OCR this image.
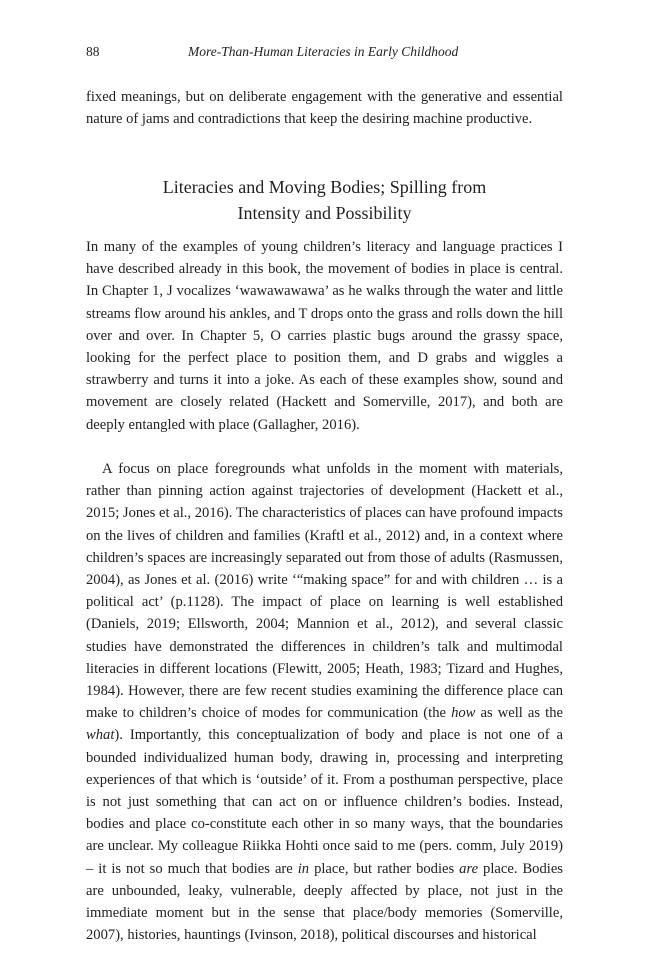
88	More-Than-Human Literacies in Early Childhood

fixed meanings, but on deliberate engagement with the generative and essential nature of jams and contradictions that keep the desiring machine productive.

Literacies and Moving Bodies; Spilling from
Intensity and Possibility

In many of the examples of young children’s literacy and language practices I have described already in this book, the movement of bodies in place is central. In Chapter 1, J vocalizes ‘wawawawawa’ as he walks through the water and little streams flow around his ankles, and T drops onto the grass and rolls down the hill over and over. In Chapter 5, O carries plastic bugs around the grassy space, looking for the perfect place to position them, and D grabs and wiggles a strawberry and turns it into a joke. As each of these examples show, sound and movement are closely related (Hackett and Somerville, 2017), and both are deeply entangled with place (Gallagher, 2016).

A focus on place foregrounds what unfolds in the moment with materials, rather than pinning action against trajectories of development (Hackett et al., 2015; Jones et al., 2016). The characteristics of places can have profound impacts on the lives of children and families (Kraftl et al., 2012) and, in a context where children’s spaces are increasingly separated out from those of adults (Rasmussen, 2004), as Jones et al. (2016) write ‘“making space” for and with children … is a political act’ (p.1128). The impact of place on learning is well established (Daniels, 2019; Ellsworth, 2004; Mannion et al., 2012), and several classic studies have demonstrated the differences in children’s talk and multimodal literacies in different locations (Flewitt, 2005; Heath, 1983; Tizard and Hughes, 1984). However, there are few recent studies examining the difference place can make to children’s choice of modes for communication (the how as well as the what). Importantly, this conceptualization of body and place is not one of a bounded individualized human body, drawing in, processing and interpreting experiences of that which is ‘outside’ of it. From a posthuman perspective, place is not just something that can act on or influence children’s bodies. Instead, bodies and place co-constitute each other in so many ways, that the boundaries are unclear. My colleague Riikka Hohti once said to me (pers. comm, July 2019) – it is not so much that bodies are in place, but rather bodies are place. Bodies are unbounded, leaky, vulnerable, deeply affected by place, not just in the immediate moment but in the sense that place/body memories (Somerville, 2007), histories, hauntings (Ivinson, 2018), political discourses and historical
